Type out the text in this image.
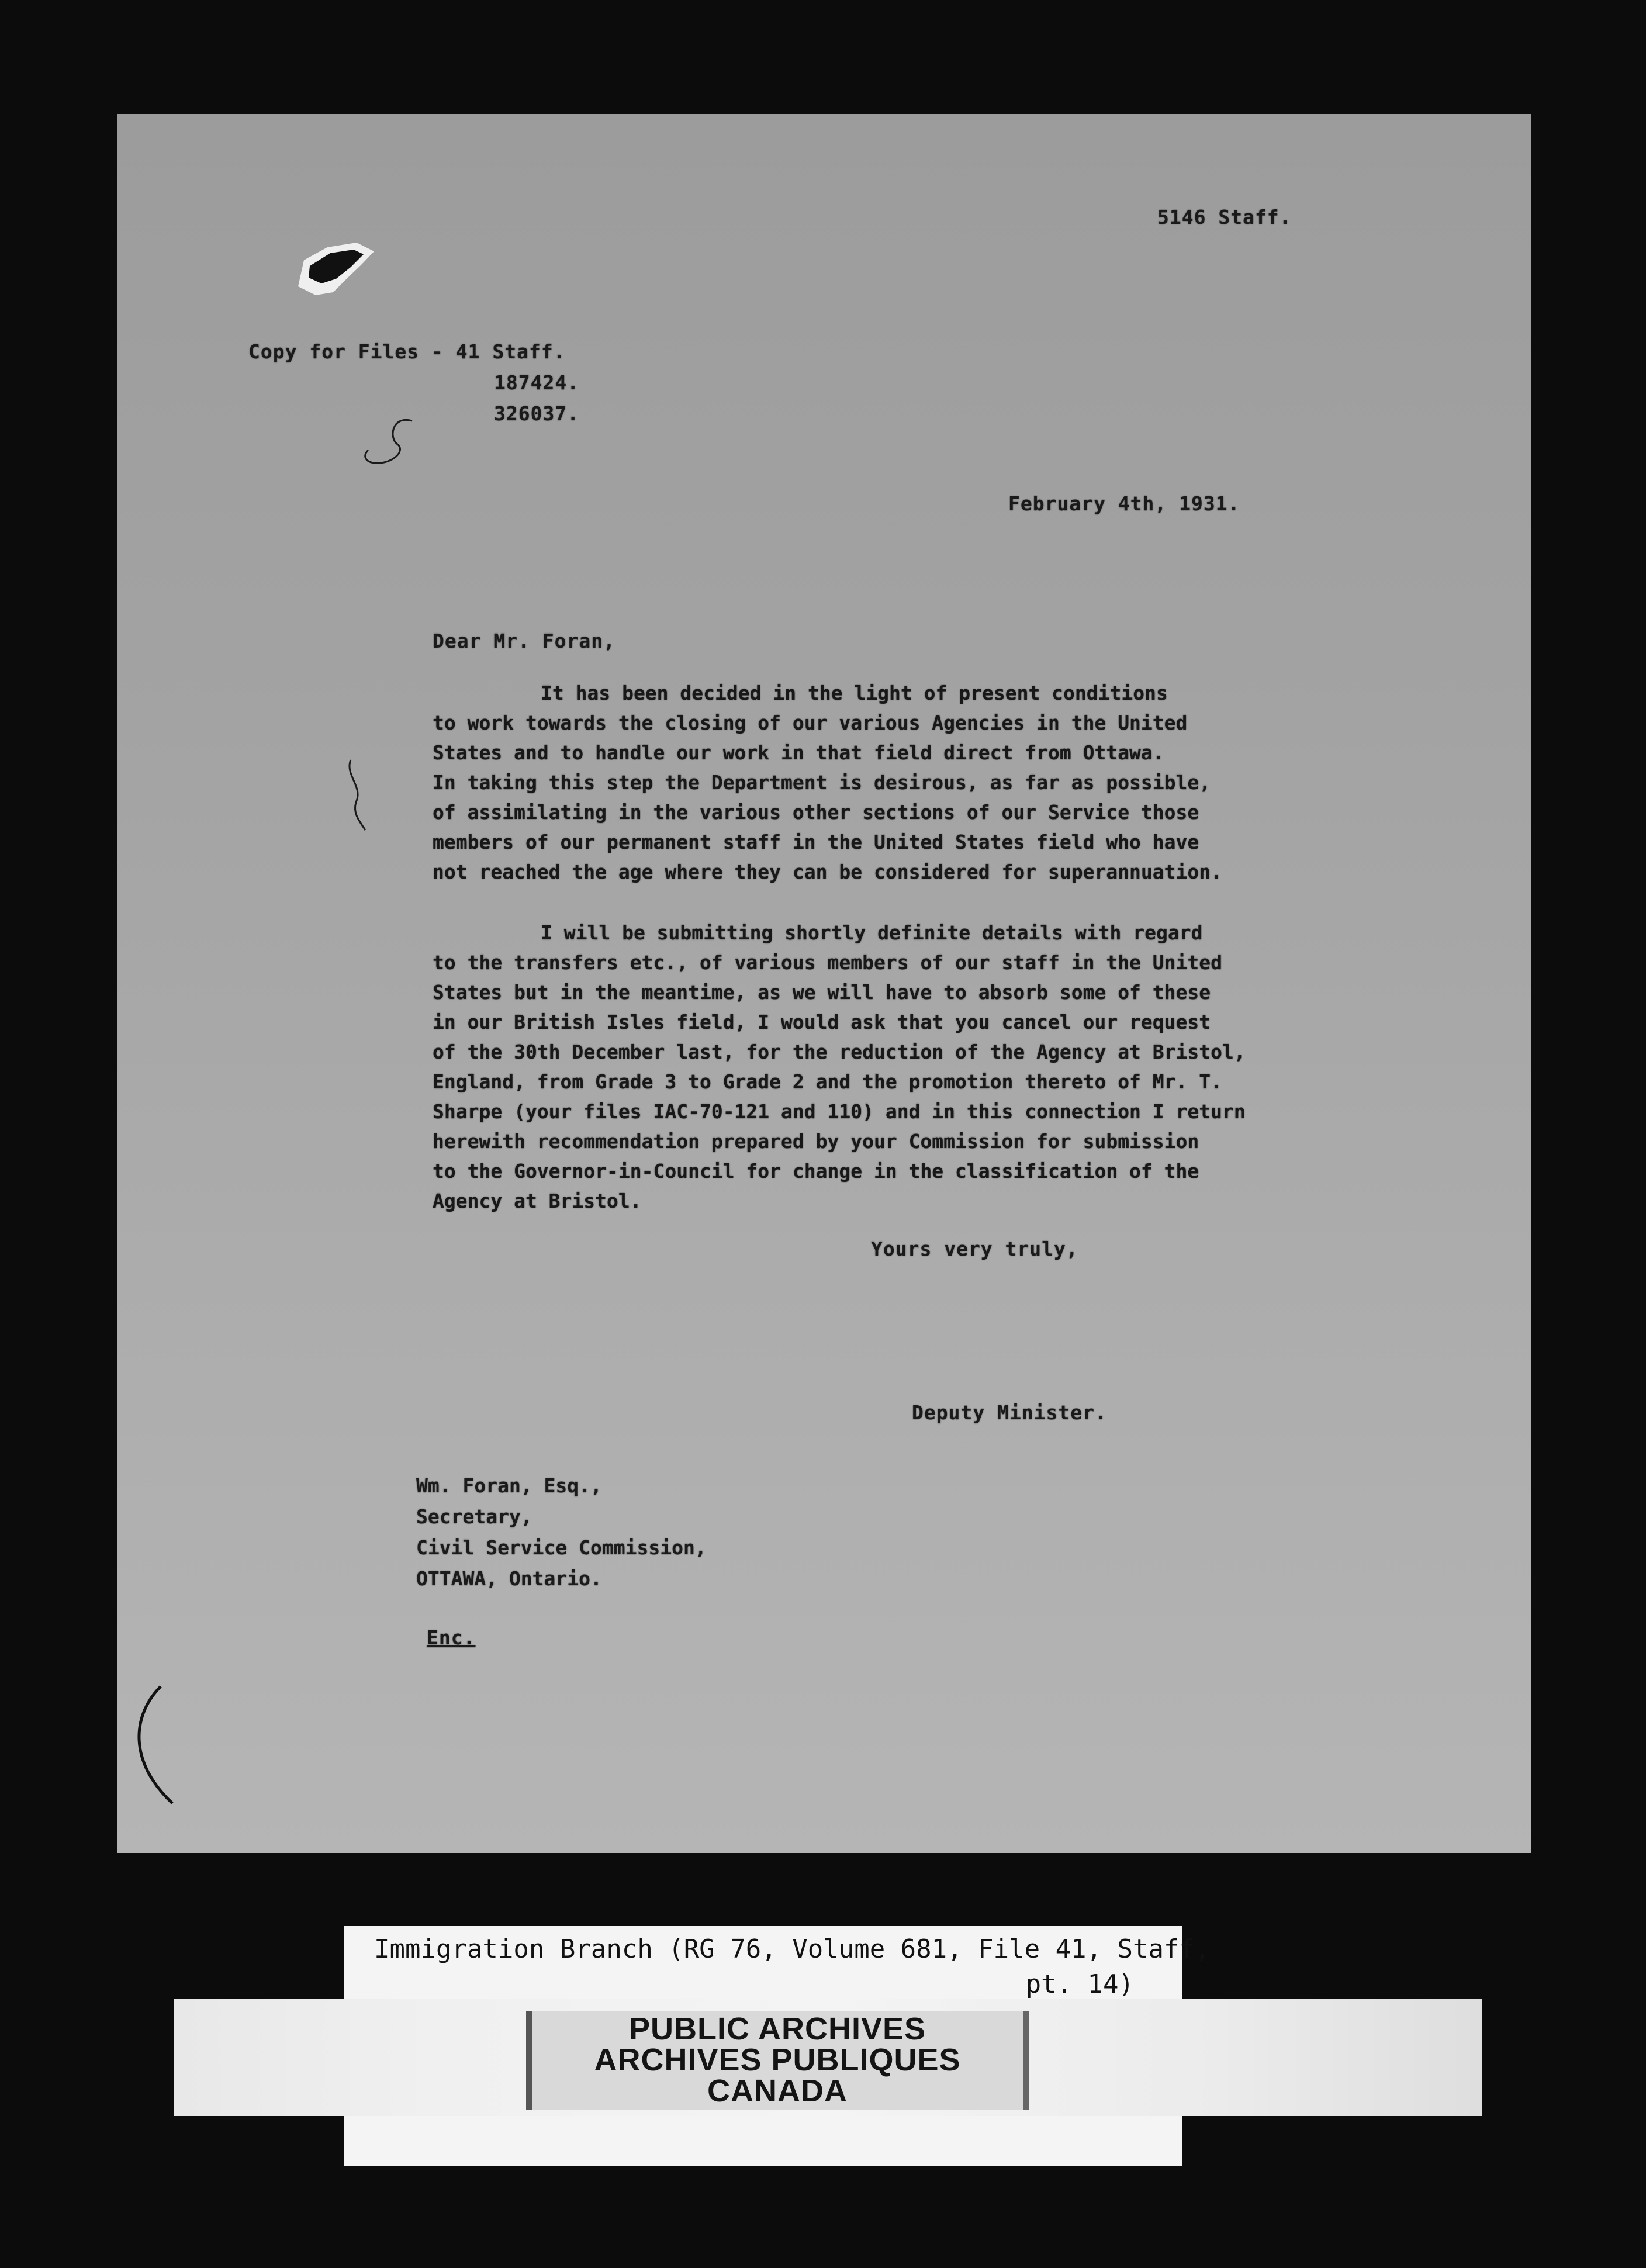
5146 Staff.
Copy for Files - 41 Staff.
187424.
326037.
February 4th, 1931.
Dear Mr. Foran,
It has been decided in the light of present conditions
to work towards the closing of our various Agencies in the United
States and to handle our work in that field direct from Ottawa.
In taking this step the Department is desirous, as far as possible,
of assimilating in the various other sections of our Service those
members of our permanent staff in the United States field who have
not reached the age where they can be considered for superannuation.
I will be submitting shortly definite details with regard
to the transfers etc., of various members of our staff in the United
States but in the meantime, as we will have to absorb some of these
in our British Isles field, I would ask that you cancel our request
of the 30th December last, for the reduction of the Agency at Bristol,
England, from Grade 3 to Grade 2 and the promotion thereto of Mr. T.
Sharpe (your files IAC-70-121 and 110) and in this connection I return
herewith recommendation prepared by your Commission for submission
to the Governor-in-Council for change in the classification of the
Agency at Bristol.
Yours very truly,
Deputy Minister.
Wm. Foran, Esq.,
Secretary,
Civil Service Commission,
OTTAWA, Ontario.
Enc.
Immigration Branch (RG 76, Volume 681, File 41, Staff,
pt. 14)
PUBLIC ARCHIVES
ARCHIVES PUBLIQUES
CANADA
